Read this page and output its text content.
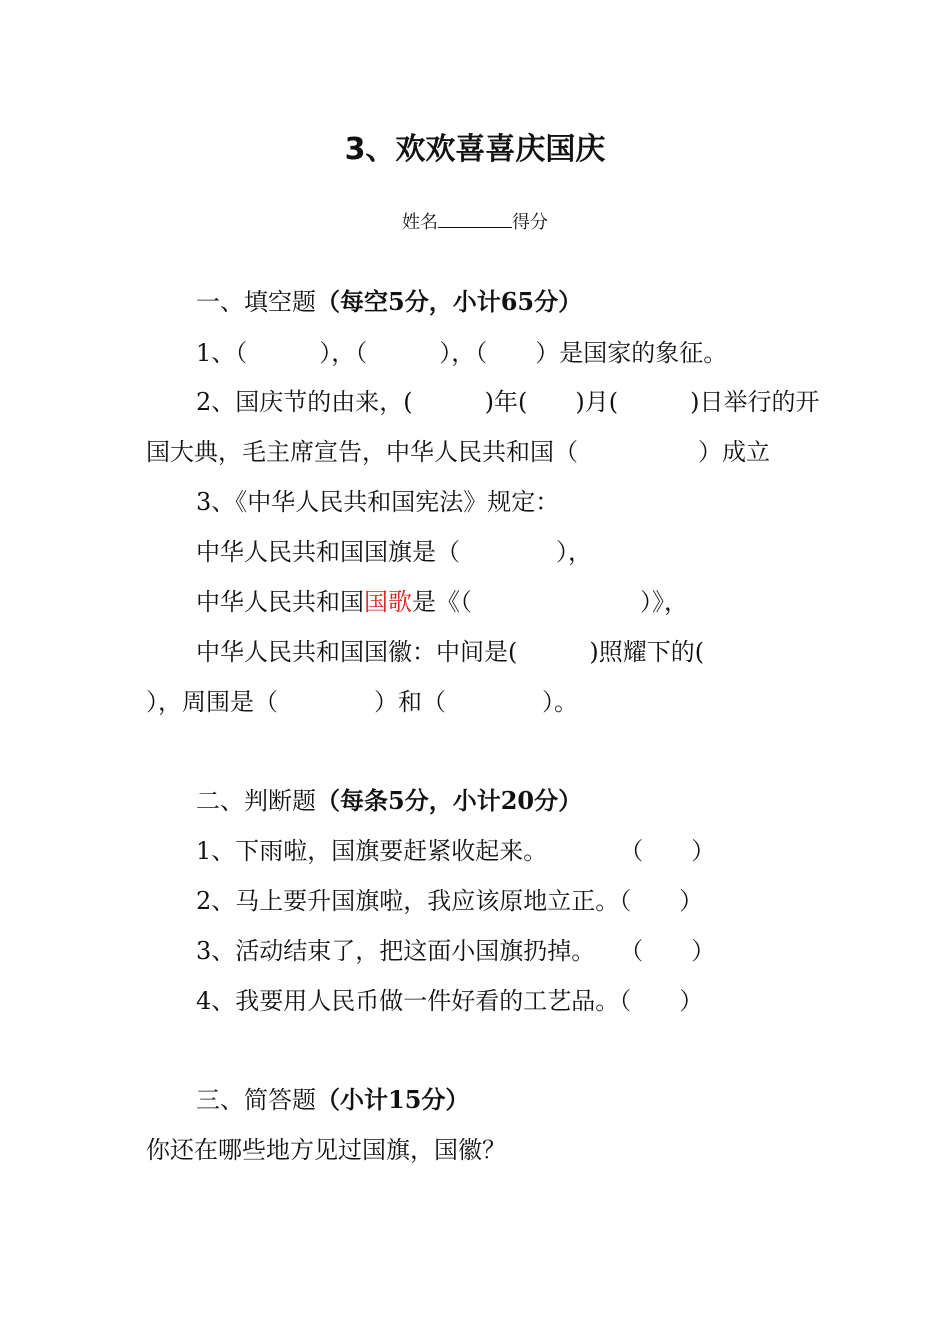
3、欢欢喜喜庆国庆
姓名	得分
一、填空题（每空5分，小计65分）
1、（　　　），（　　　），（　　）是国家的象征。
2、国庆节的由来，(　　　)年(　　)月(　　　)日举行的开
国大典，毛主席宣告，中华人民共和国（　　　　　）成立
3、《中华人民共和国宪法》规定：
中华人民共和国国旗是（　　　　），
中华人民共和国国歌是《（　　　　　　　）》，
中华人民共和国国徽：中间是(　　　)照耀下的(
），周围是（　　　　）和（　　　　）。
二、判断题（每条5分，小计20分）
1、下雨啦，国旗要赶紧收起来。　　　　（　　）
2、马上要升国旗啦，我应该原地立正。（　　）
3、活动结束了，把这面小国旗扔掉。　　（　　）
4、我要用人民币做一件好看的工艺品。（　　）
三、简答题（小计15分）
你还在哪些地方见过国旗，国徽？
